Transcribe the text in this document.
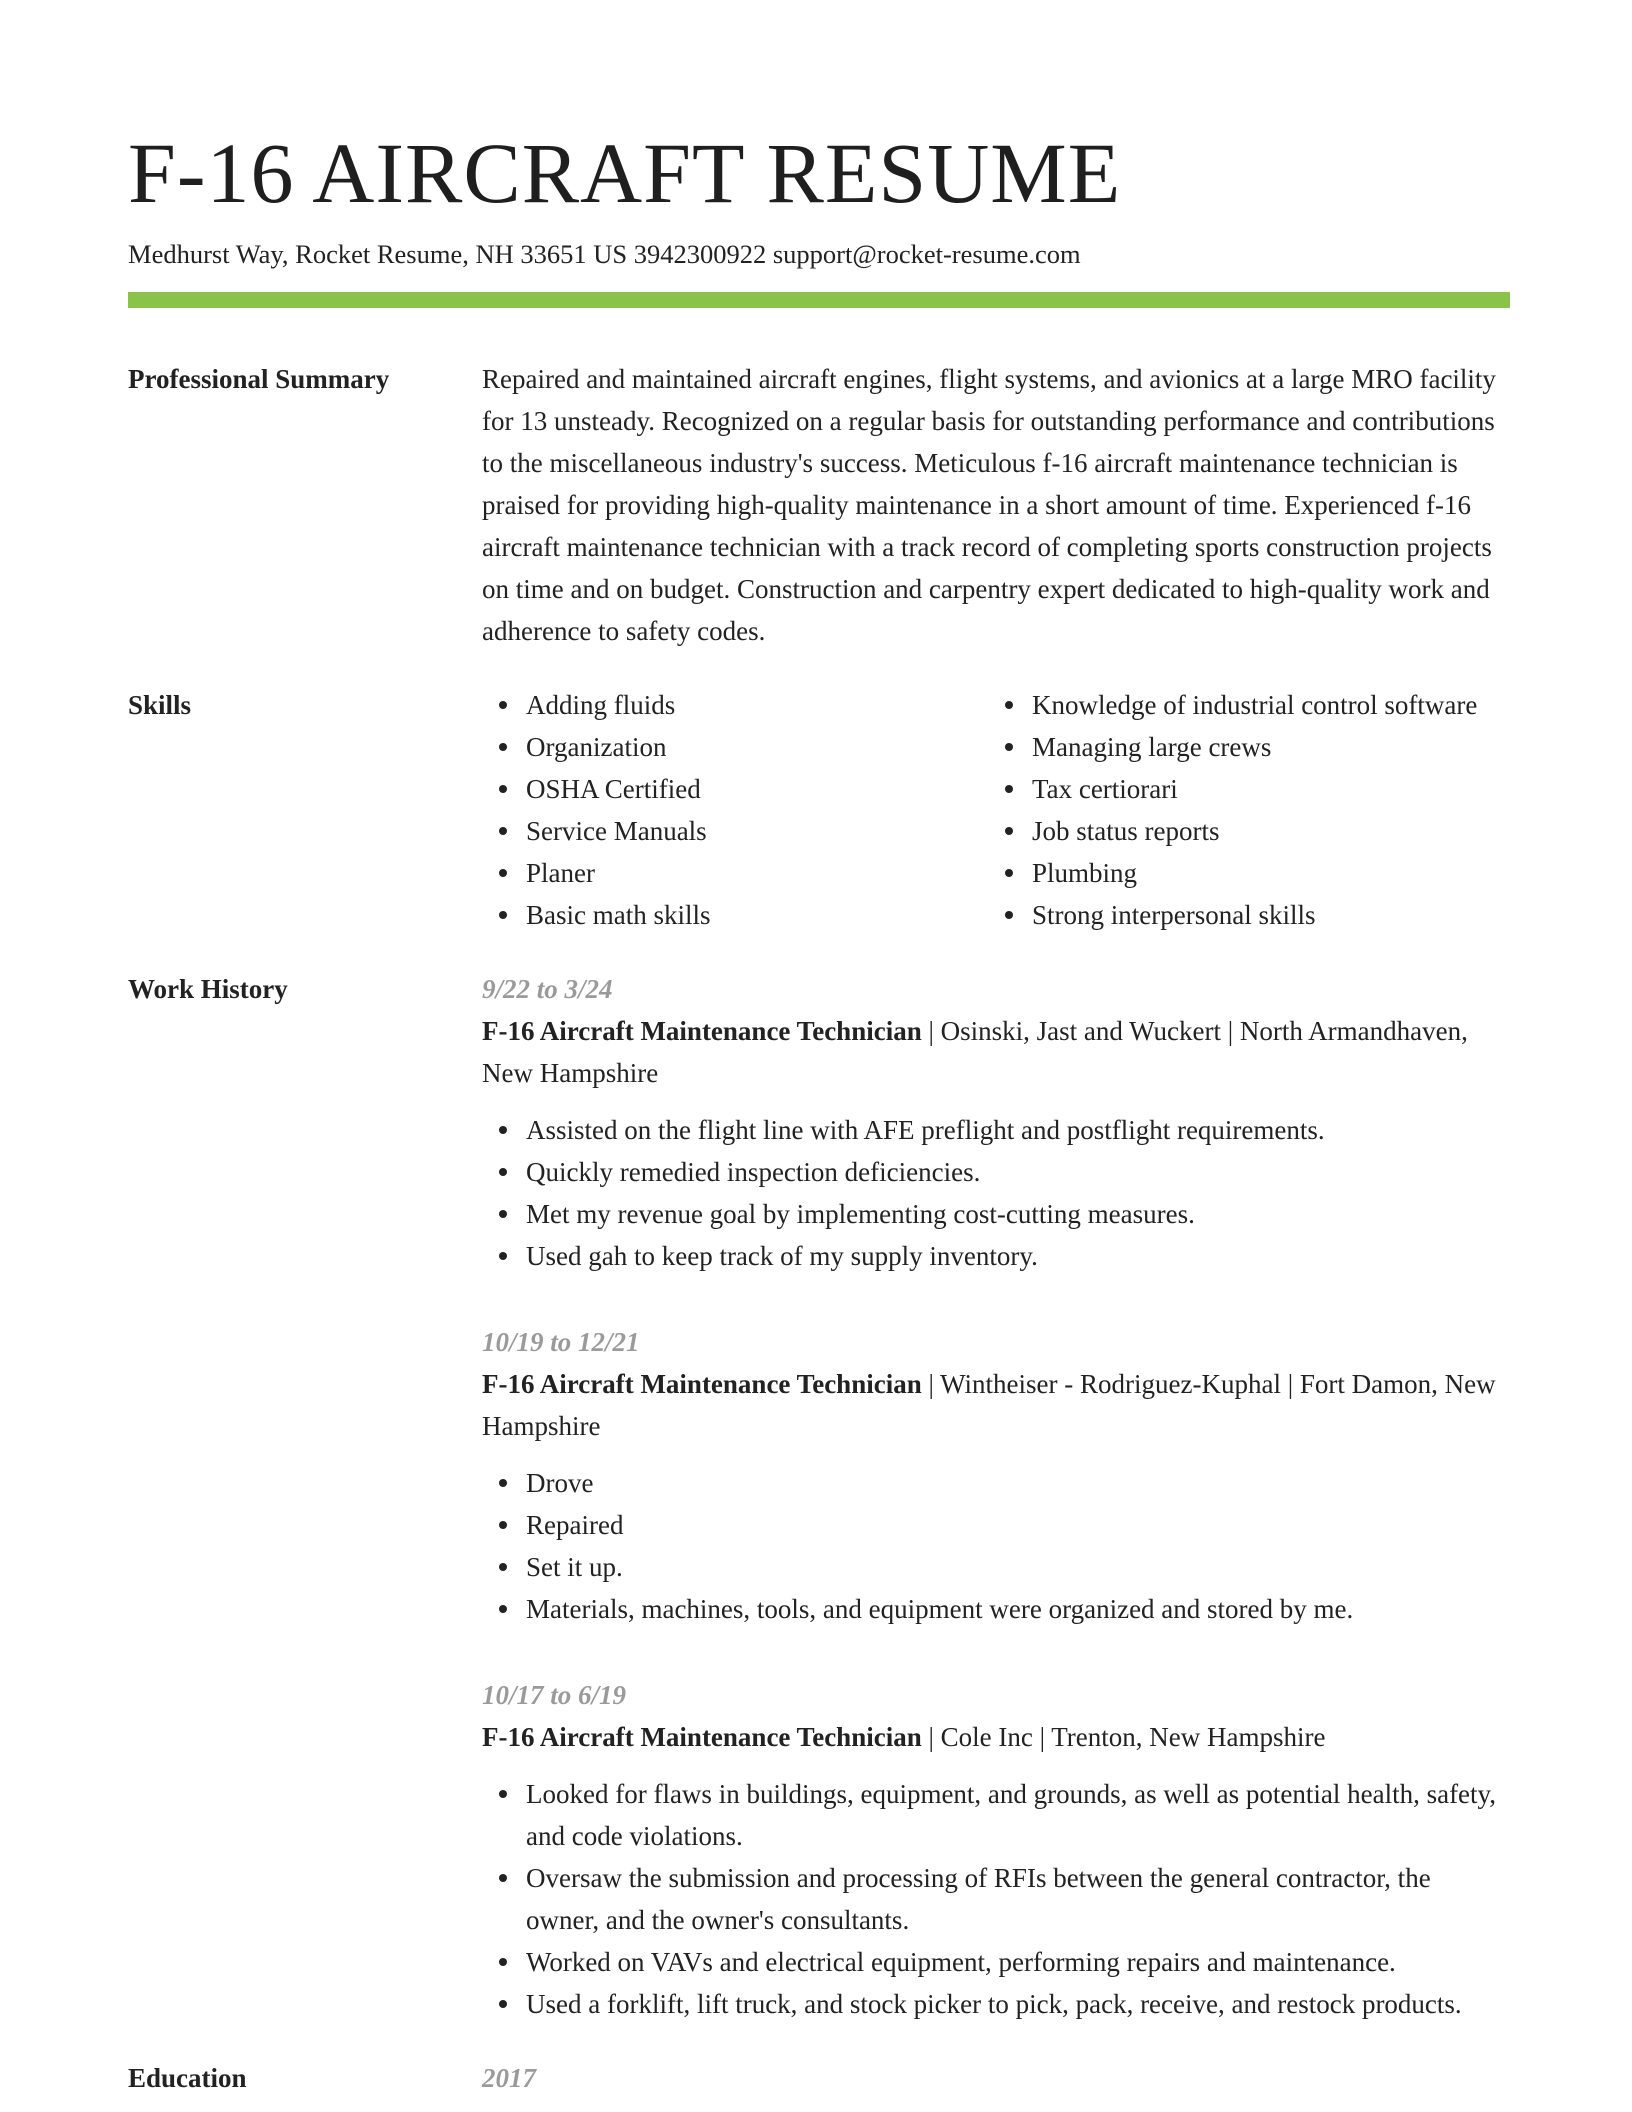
F-16 AIRCRAFT RESUME
Medhurst Way, Rocket Resume, NH 33651 US 3942300922 support@rocket-resume.com
Professional Summary	Repaired and maintained aircraft engines, flight systems, and avionics at a large MRO facility for 13 unsteady. Recognized on a regular basis for outstanding performance and contributions to the miscellaneous industry's success. Meticulous f-16 aircraft maintenance technician is praised for providing high-quality maintenance in a short amount of time. Experienced f-16 aircraft maintenance technician with a track record of completing sports construction projects on time and on budget. Construction and carpentry expert dedicated to high-quality work and adherence to safety codes.

Skills	Adding fluids
Organization
OSHA Certified
Service Manuals
Planer
Basic math skills
Knowledge of industrial control software
Managing large crews
Tax certiorari
Job status reports
Plumbing
Strong interpersonal skills
Work History	9/22 to 3/24

F-16 Aircraft Maintenance Technician | Osinski, Jast and Wuckert | North Armandhaven, New Hampshire

Assisted on the flight line with AFE preflight and postflight requirements.
Quickly remedied inspection deficiencies.
Met my revenue goal by implementing cost-cutting measures.
Used gah to keep track of my supply inventory.
10/19 to 12/21

F-16 Aircraft Maintenance Technician | Wintheiser - Rodriguez-Kuphal | Fort Damon, New Hampshire

Drove
Repaired
Set it up.
Materials, machines, tools, and equipment were organized and stored by me.
10/17 to 6/19

F-16 Aircraft Maintenance Technician | Cole Inc | Trenton, New Hampshire

Looked for flaws in buildings, equipment, and grounds, as well as potential health, safety, and code violations.
Oversaw the submission and processing of RFIs between the general contractor, the owner, and the owner's consultants.
Worked on VAVs and electrical equipment, performing repairs and maintenance.
Used a forklift, lift truck, and stock picker to pick, pack, receive, and restock products.
Education	2017
